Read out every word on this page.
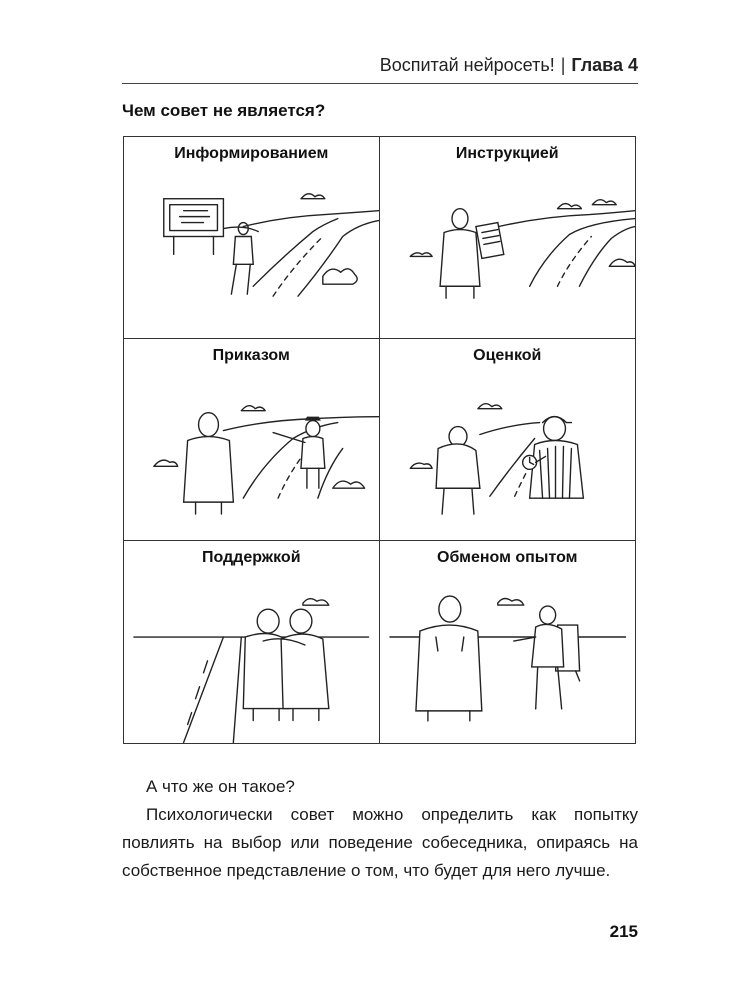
Воспитай нейросеть! | Глава 4
Чем совет не является?
Информированием	Инструкцией
Приказом	Оценкой
Поддержкой	Обменом опытом

А что же он такое?

Психологически совет можно определить как попытку повлиять на выбор или поведение собеседника, опираясь на собственное представление о том, что будет для него лучше.

215
